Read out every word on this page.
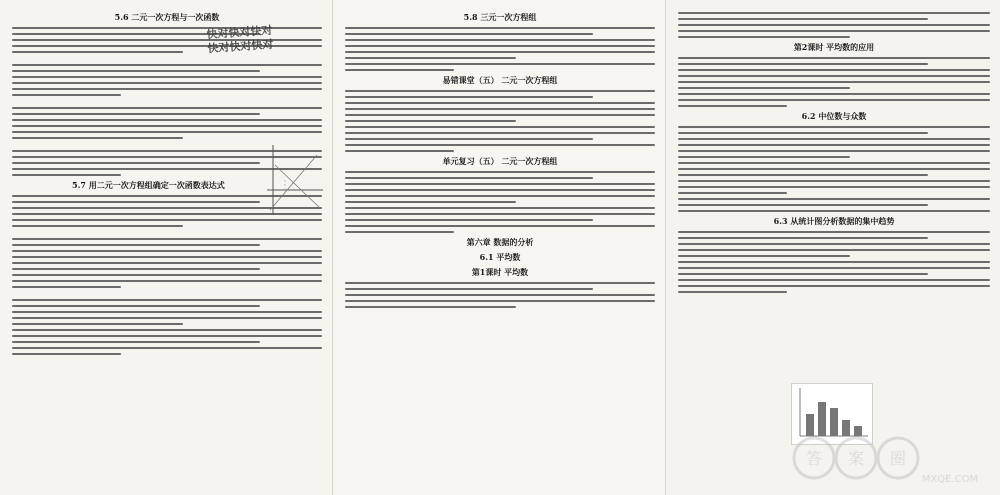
5.6 二元一次方程与一次函数
5.7 用二元一次方程组确定一次函数表达式
5.8 三元一次方程组
易错课堂（五） 二元一次方程组
单元复习（五） 二元一次方程组
第六章 数据的分析
6.1 平均数
第1课时 平均数
第2课时 平均数的应用
6.2 中位数与众数
6.3 从统计图分析数据的集中趋势
答 案 圈
MXQE.COM
快对快对快对
快对快对快对
